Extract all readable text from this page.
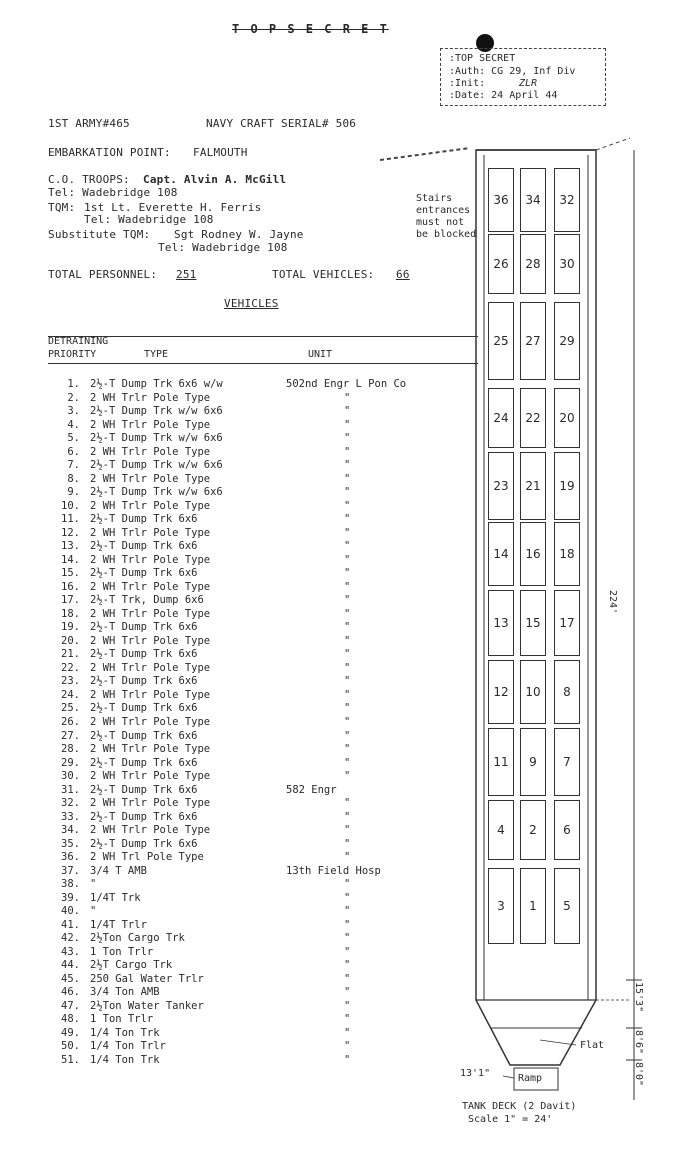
T O P S E C R E T
:TOP SECRET
:Auth: CG 29, Inf Div
:Init:	ZLR
:Date: 24 April 44
1ST ARMY#465	NAVY CRAFT SERIAL# 506
EMBARKATION POINT: FALMOUTH
C.O. TROOPS: Capt. Alvin A. McGill
Tel: Wadebridge 108
TQM: 1st Lt. Everette H. Ferris
Tel: Wadebridge 108
Substitute TQM: Sgt Rodney W. Jayne
Tel: Wadebridge 108
TOTAL PERSONNEL: 251	TOTAL VEHICLES: 66
VEHICLES
DETRAINING
PRIORITY	TYPE	UNIT
1. 2½-T Dump Trk 6x6 w/w	502nd Engr L Pon Co
2. 2 WH Trlr Pole Type	"
3. 2½-T Dump Trk w/w 6x6	"
4. 2 WH Trlr Pole Type	"
5. 2½-T Dump Trk w/w 6x6	"
6. 2 WH Trlr Pole Type	"
7. 2½-T Dump Trk w/w 6x6	"
8. 2 WH Trlr Pole Type	"
9. 2½-T Dump Trk w/w 6x6	"
10. 2 WH Trlr Pole Type	"
11. 2½-T Dump Trk 6x6	"
12. 2 WH Trlr Pole Type	"
13. 2½-T Dump Trk 6x6	"
14. 2 WH Trlr Pole Type	"
15. 2½-T Dump Trk 6x6	"
16. 2 WH Trlr Pole Type	"
17. 2½-T Trk, Dump 6x6	"
18. 2 WH Trlr Pole Type	"
19. 2½-T Dump Trk 6x6	"
20. 2 WH Trlr Pole Type	"
21. 2½-T Dump Trk 6x6	"
22. 2 WH Trlr Pole Type	"
23. 2½-T Dump Trk 6x6	"
24. 2 WH Trlr Pole Type	"
25. 2½-T Dump Trk 6x6	"
26. 2 WH Trlr Pole Type	"
27. 2½-T Dump Trk 6x6	"
28. 2 WH Trlr Pole Type	"
29. 2½-T Dump Trk 6x6	"
30. 2 WH Trlr Pole Type	"
31. 2½-T Dump Trk 6x6	582 Engr
32. 2 WH Trlr Pole Type	"
33. 2½-T Dump Trk 6x6	"
34. 2 WH Trlr Pole Type	"
35. 2½-T Dump Trk 6x6	"
36. 2 WH Trl Pole Type	"
37. 3/4 T AMB	13th Field Hosp
38. "	"
39. 1/4T Trk	"
40. "	"
41. 1/4T Trlr	"
42. 2½Ton Cargo Trk	"
43. 1 Ton Trlr	"
44. 2½T Cargo Trk	"
45. 250 Gal Water Trlr	"
46. 3/4 Ton AMB	"
47. 2½Ton Water Tanker	"
48. 1 Ton Trlr	"
49. 1/4 Ton Trk	"
50. 1/4 Ton Trlr	"
51. 1/4 Ton Trk	"
36	34	32
26	28	30
25	27	29
24	22	20
23	21	19
14	16	18
13	15	17
12	10	8
11	9	7
4	2	6
3	1	5
Stairs
entrances
must not
be blocked
224'
15'3"
8'6"
8'0"
Flat
Ramp
13'1"
TANK DECK (2 Davit)
Scale 1" = 24'
